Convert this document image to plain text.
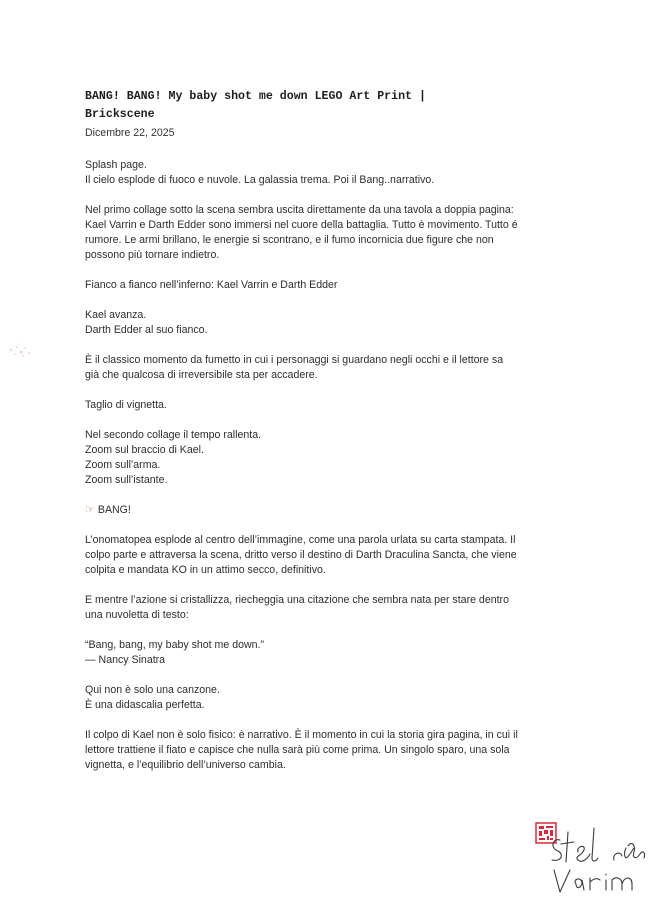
BANG! BANG! My baby shot me down LEGO Art Print |
Brickscene
Dicembre 22, 2025

Splash page.
Il cielo esplode di fuoco e nuvole. La galassia trema. Poi il Bang..narrativo.

Nel primo collage sotto la scena sembra uscita direttamente da una tavola a doppia pagina:
Kael Varrin e Darth Edder sono immersi nel cuore della battaglia. Tutto è movimento. Tutto é
rumore. Le armi brillano, le energie si scontrano, e il fumo incornicia due figure che non
possono più tornare indietro.

Fianco a fianco nell’inferno: Kael Varrin e Darth Edder

Kael avanza.
Darth Edder al suo fianco.

È il classico momento da fumetto in cui i personaggi si guardano negli occhi e il lettore sa
già che qualcosa di irreversibile sta per accadere.

Taglio di vignetta.

Nel secondo collage il tempo rallenta.
Zoom sul braccio di Kael.
Zoom sull’arma.
Zoom sull’istante.

☞ BANG!

L’onomatopea esplode al centro dell’immagine, come una parola urlata su carta stampata. Il
colpo parte e attraversa la scena, dritto verso il destino di Darth Draculina Sancta, che viene
colpita e mandata KO in un attimo secco, definitivo.

E mentre l’azione si cristallizza, riecheggia una citazione che sembra nata per stare dentro
una nuvoletta di testo:

“Bang, bang, my baby shot me down.”
— Nancy Sinatra

Qui non è solo una canzone.
È una didascalia perfetta.

Il colpo di Kael non è solo fisico: è narrativo. È il momento in cui la storia gira pagina, in cui il
lettore trattiene il fiato e capisce che nulla sarà più come prima. Un singolo sparo, una sola
vignetta, e l’equilibrio dell’universo cambia.
